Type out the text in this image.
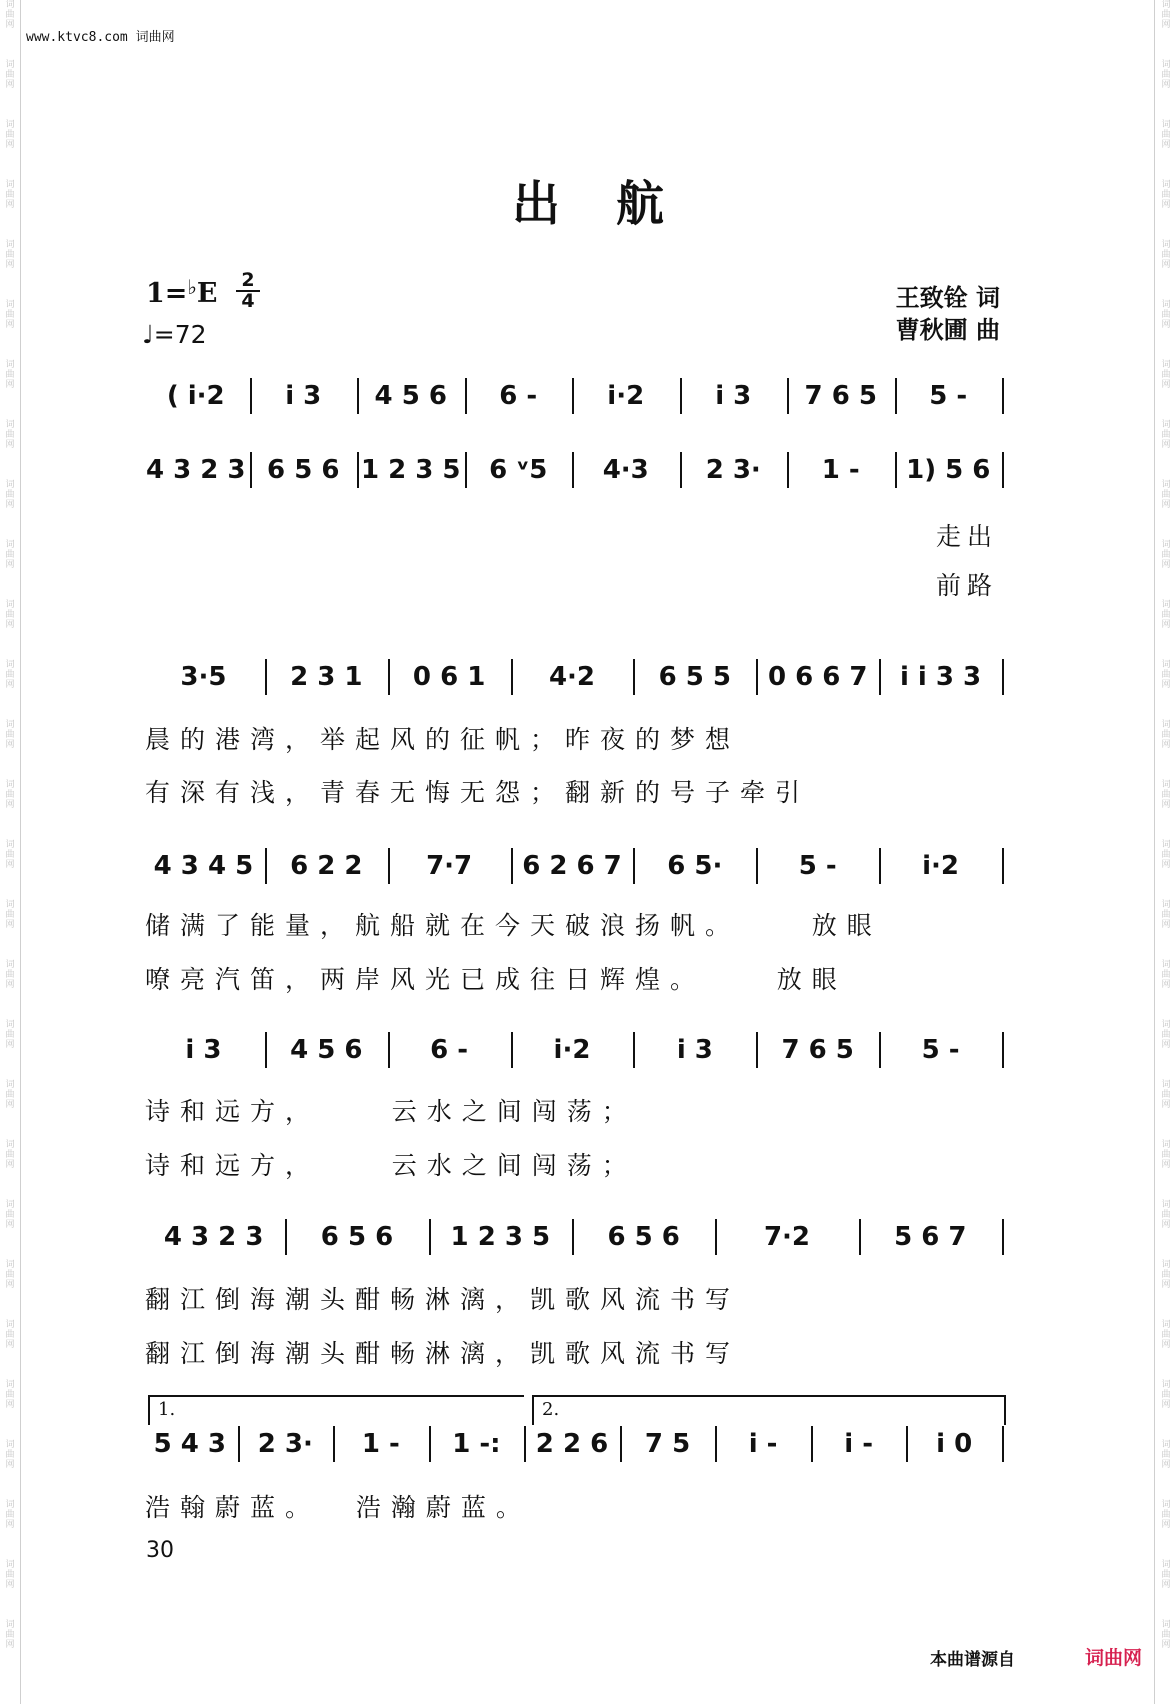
词
曲
网
词
曲
网
词
曲
网
词
曲
网
词
曲
网
词
曲
网
词
曲
网
词
曲
网
词
曲
网
词
曲
网
词
曲
网
词
曲
网
词
曲
网
词
曲
网
词
曲
网
词
曲
网
词
曲
网
词
曲
网
词
曲
网
词
曲
网
词
曲
网
词
曲
网
词
曲
网
词
曲
网
词
曲
网
词
曲
网
词
曲
网
词
曲
网
词
曲
网
词
曲
网
词
曲
网
词
曲
网
词
曲
网
词
曲
网
词
曲
网
词
曲
网
词
曲
网
词
曲
网
词
曲
网
词
曲
网
词
曲
网
词
曲
网
词
曲
网
词
曲
网
词
曲
网
词
曲
网
词
曲
网
词
曲
网
词
曲
网
词
曲
网
词
曲
网
词
曲
网
词
曲
网
词
曲
网
词
曲
网
词
曲
网
www.ktvc8.com 词曲网
出航
1=♭E 2
4
♩=72
王致铨 词
曹秋圃 曲
( i·2	i 3	4 5 6	6 -	i·2	i 3	7 6 5	5 -
4 3 2 3 6 5 6 1 2 3 5	6 ᵛ5	4·3	2 3·	1 -	1) 5 6
走出
前路
3·5	2 3 1	0 6 1	4·2	6 5 5	0 6 6 7	i i 3 3
晨的港湾，举起风的征帆；昨夜的梦想
有深有浅，青春无悔无怨；翻新的号子牵引
4 3 4 5	6 2 2	7·7	6 2 6 7	6 5·	5 -	i·2
储满了能量，航船就在今天破浪扬帆。    放眼
嘹亮汽笛，两岸风光已成往日辉煌。    放眼
i 3	4 5 6	6 -	i·2	i 3	7 6 5	5 -
诗和远方，    云水之间闯荡；
诗和远方，    云水之间闯荡；
4 3 2 3	6 5 6	1 2 3 5	6 5 6	7·2	5 6 7
翻江倒海潮头酣畅淋漓，凯歌风流书写
翻江倒海潮头酣畅淋漓，凯歌风流书写
1.	2.
5 4 3	2 3·	1 -	1 -:	2 2 6	7 5	i -	i -	i 0
浩翰蔚蓝。  浩瀚蔚蓝。
30
本曲谱源自	词曲网
